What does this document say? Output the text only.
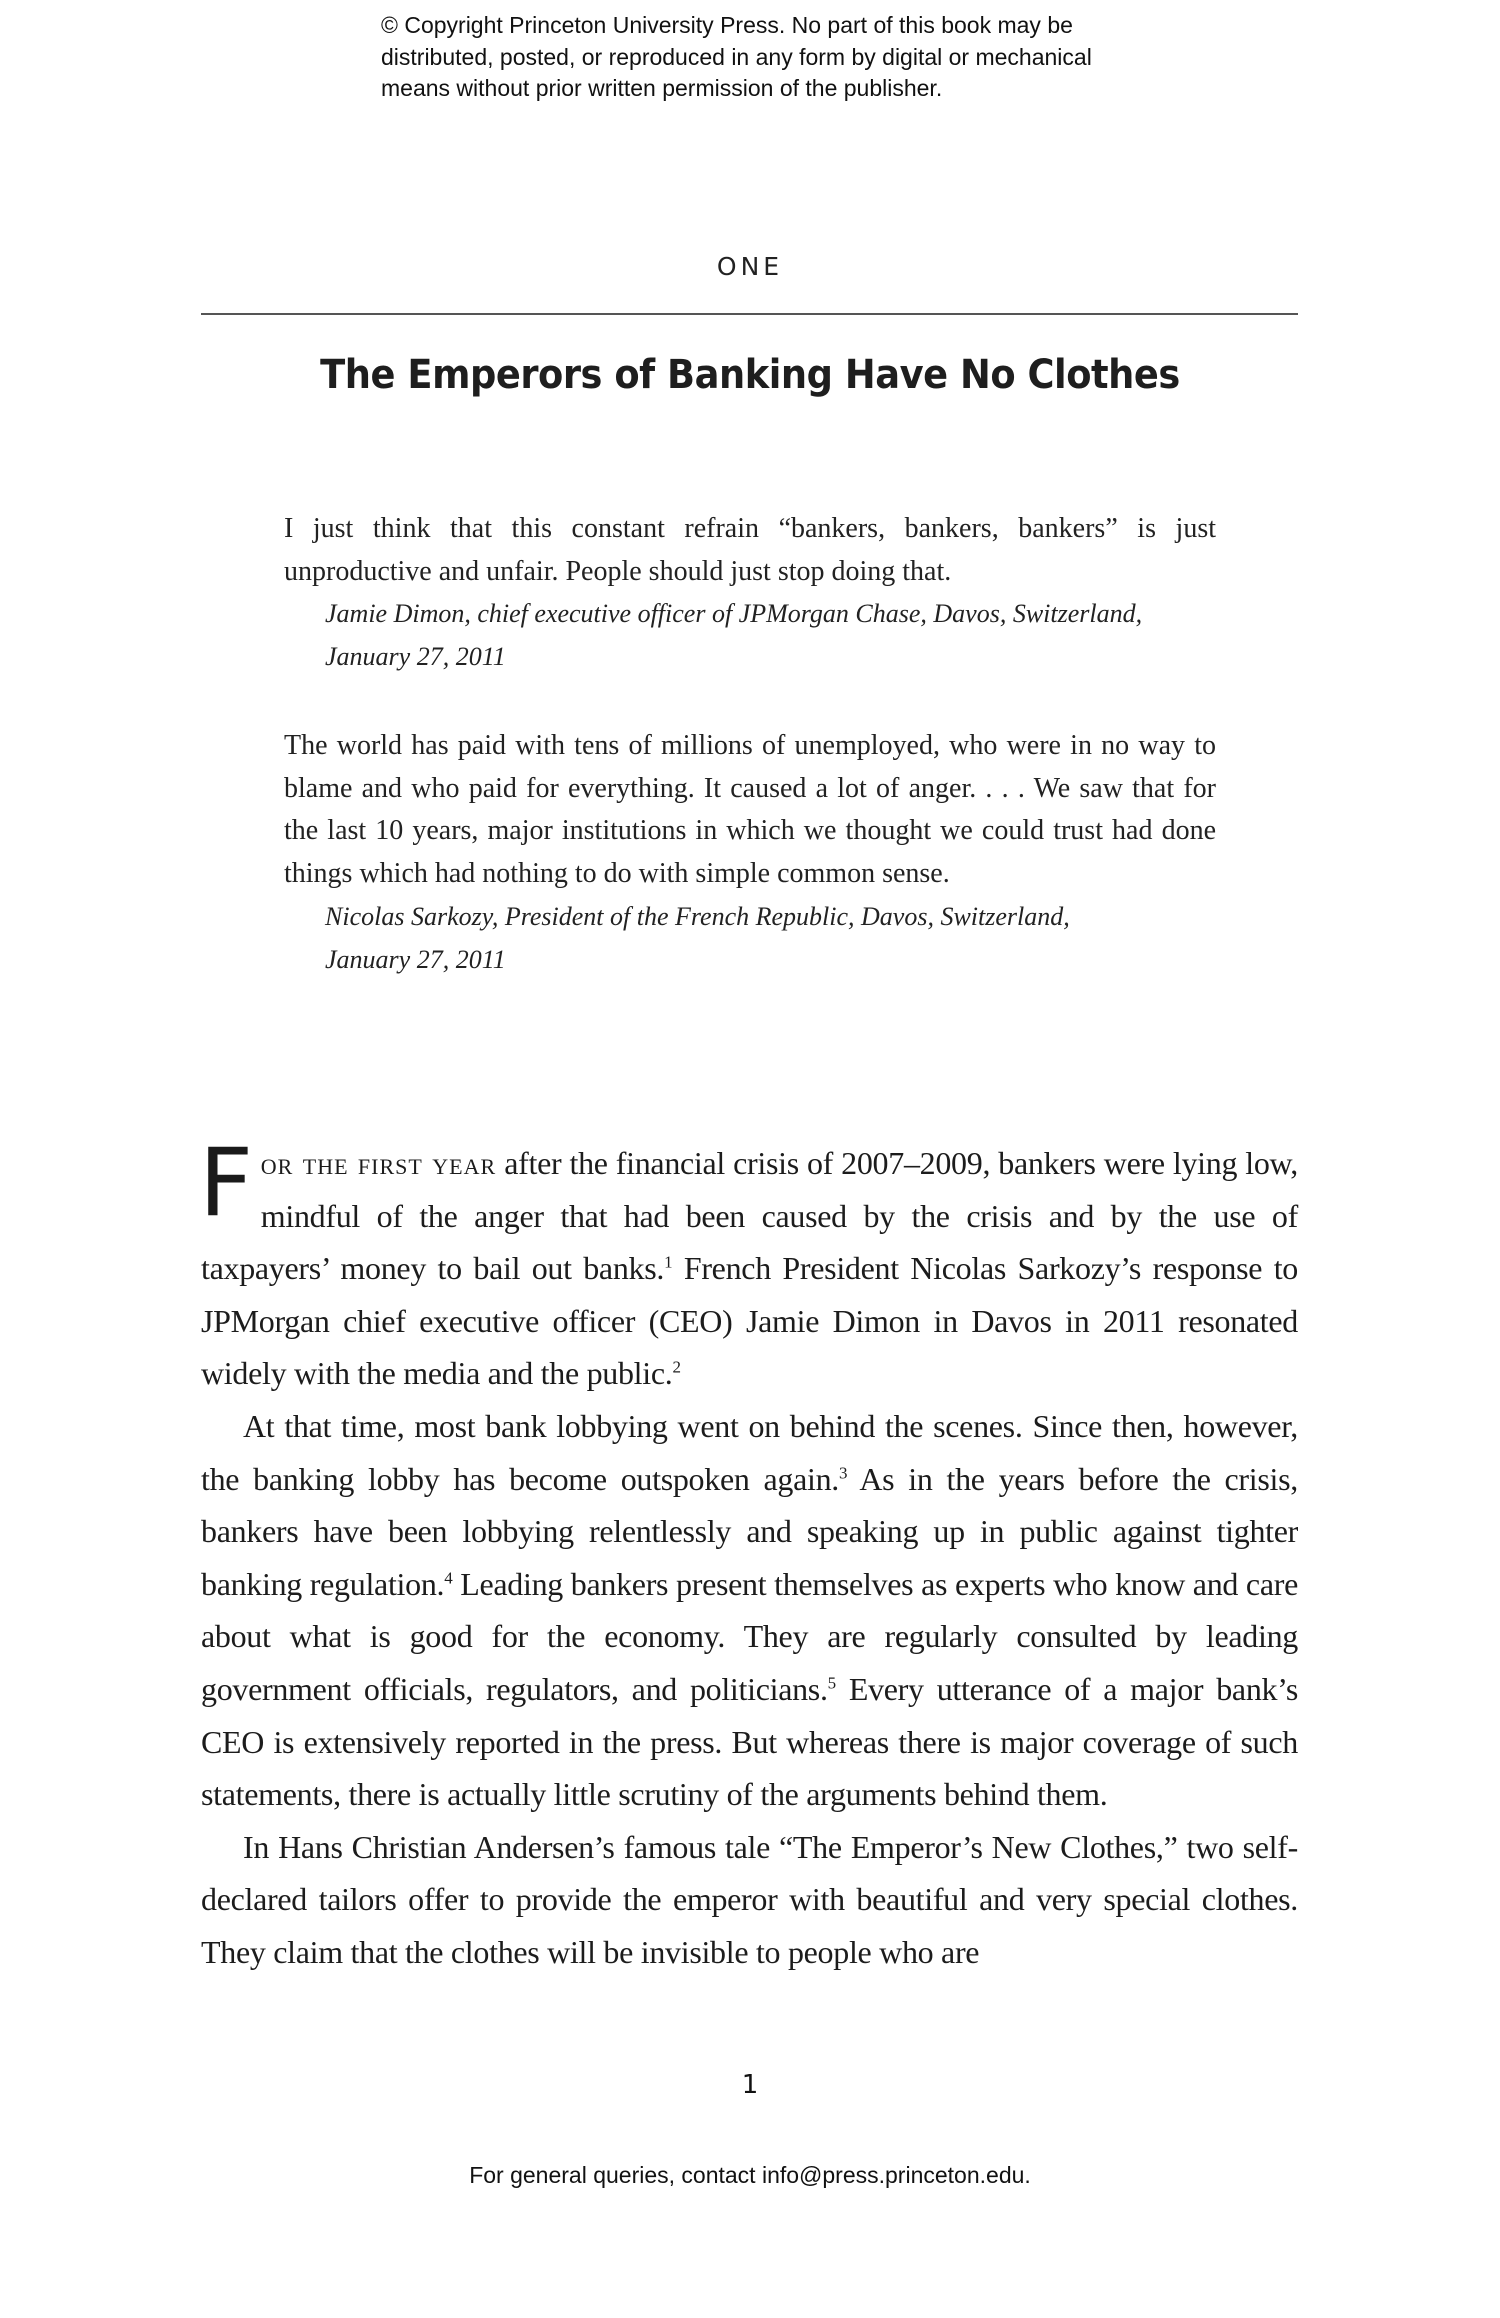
© Copyright Princeton University Press. No part of this book may be
distributed, posted, or reproduced in any form by digital or mechanical
means without prior written permission of the publisher.
ONE
The Emperors of Banking Have No Clothes

I just think that this constant refrain “bankers, bankers, bankers” is just unproductive and unfair. People should just stop doing that.

Jamie Dimon, chief executive officer of JPMorgan Chase, Davos, Switzerland,

January 27, 2011

The world has paid with tens of millions of unemployed, who were in no way to blame and who paid for everything. It caused a lot of anger. . . . We saw that for the last 10 years, major institutions in which we thought we could trust had done things which had nothing to do with simple common sense.

Nicolas Sarkozy, President of the French Republic, Davos, Switzerland,

January 27, 2011

For the first year after the financial crisis of 2007–2009, bankers were lying low, mindful of the anger that had been caused by the crisis and by the use of taxpayers’ money to bail out banks.$^1$ French President Nicolas Sarkozy’s response to JPMorgan chief executive officer (CEO) Jamie Dimon in Davos in 2011 resonated widely with the media and the public.$^2$

At that time, most bank lobbying went on behind the scenes. Since then, however, the banking lobby has become outspoken again.$^3$ As in the years before the crisis, bankers have been lobbying relentlessly and speaking up in public against tighter banking regulation.$^4$ Leading bankers present themselves as experts who know and care about what is good for the economy. They are regularly consulted by leading government officials, regulators, and politicians.$^5$ Every utterance of a major bank’s CEO is extensively reported in the press. But whereas there is major coverage of such statements, there is actually little scrutiny of the arguments behind them.

In Hans Christian Andersen’s famous tale “The Emperor’s New Clothes,” two self-declared tailors offer to provide the emperor with beautiful and very special clothes. They claim that the clothes will be invisible to people who are

1
For general queries, contact info@press.princeton.edu.
